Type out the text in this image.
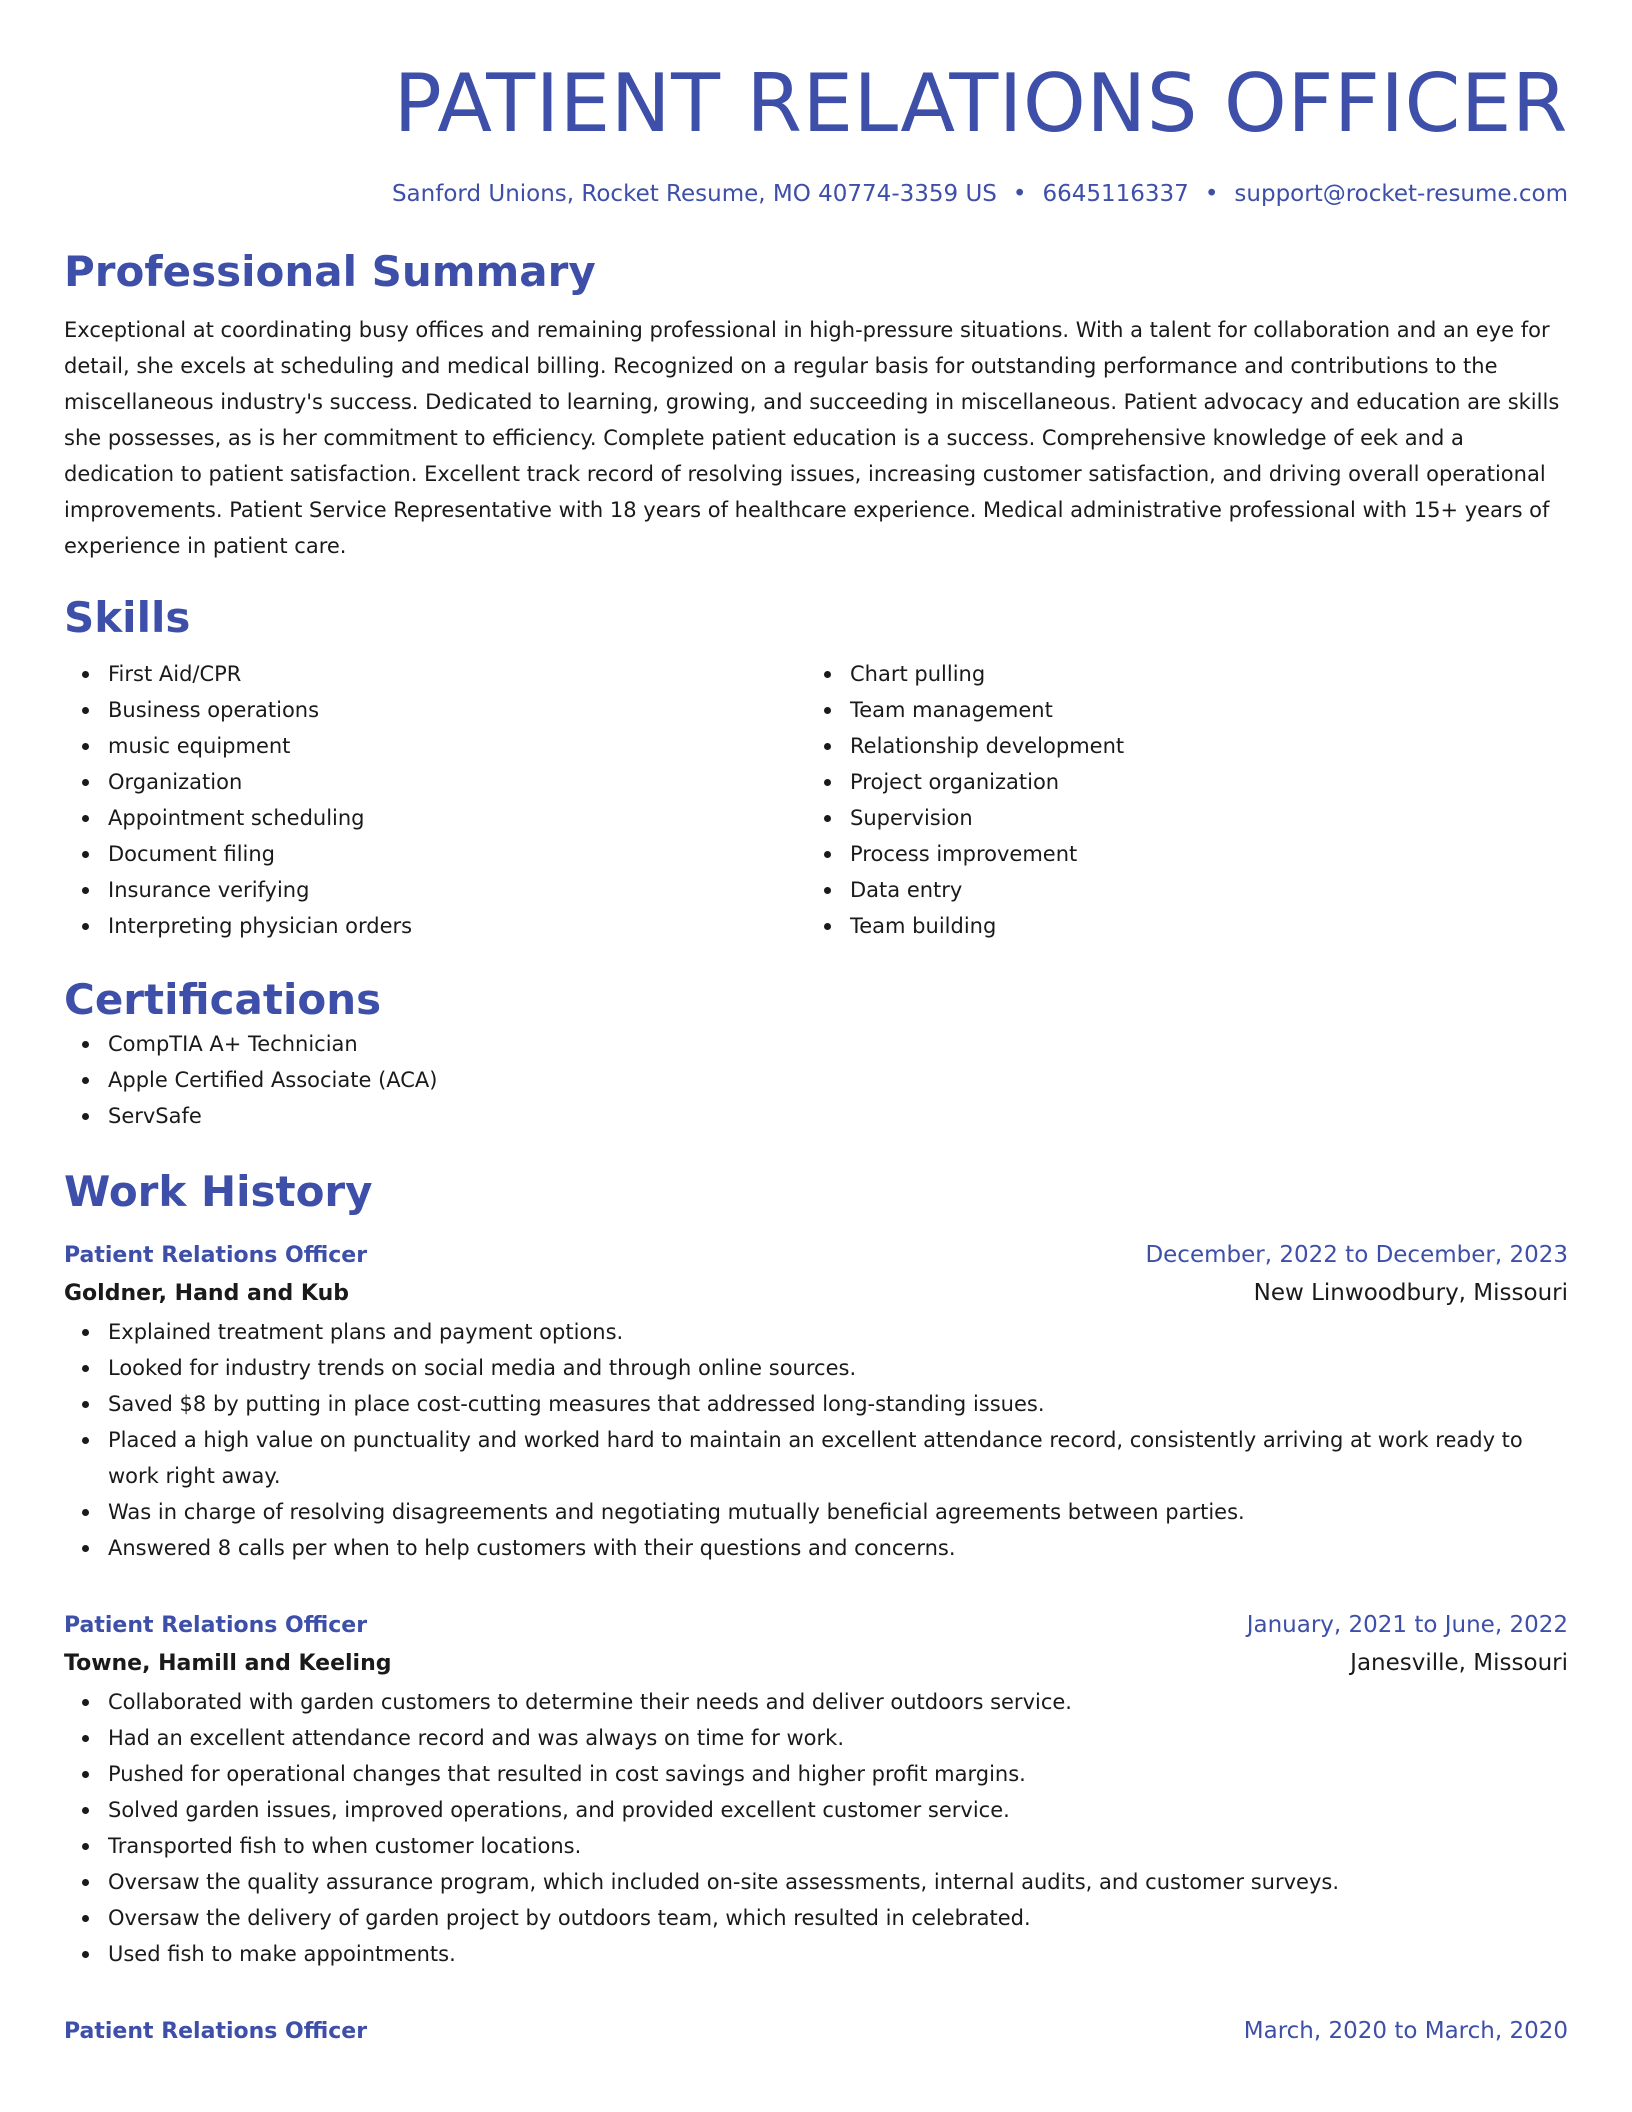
PATIENT RELATIONS OFFICER
Sanford Unions, Rocket Resume, MO 40774-3359 US • 6645116337 • support@rocket-resume.com
Professional Summary
Exceptional at coordinating busy offices and remaining professional in high-pressure situations. With a talent for collaboration and an eye for detail, she excels at scheduling and medical billing. Recognized on a regular basis for outstanding performance and contributions to the miscellaneous industry's success. Dedicated to learning, growing, and succeeding in miscellaneous. Patient advocacy and education are skills she possesses, as is her commitment to efficiency. Complete patient education is a success. Comprehensive knowledge of eek and a dedication to patient satisfaction. Excellent track record of resolving issues, increasing customer satisfaction, and driving overall operational improvements. Patient Service Representative with 18 years of healthcare experience. Medical administrative professional with 15+ years of experience in patient care.
Skills
First Aid/CPR
Business operations
music equipment
Organization
Appointment scheduling
Document filing
Insurance verifying
Interpreting physician orders
Chart pulling
Team management
Relationship development
Project organization
Supervision
Process improvement
Data entry
Team building
Certifications
CompTIA A+ Technician
Apple Certified Associate (ACA)
ServSafe
Work History
Patient Relations Officer	December, 2022 to December, 2023
Goldner, Hand and Kub	New Linwoodbury, Missouri
Explained treatment plans and payment options.
Looked for industry trends on social media and through online sources.
Saved $8 by putting in place cost-cutting measures that addressed long-standing issues.
Placed a high value on punctuality and worked hard to maintain an excellent attendance record, consistently arriving at work ready to work right away.
Was in charge of resolving disagreements and negotiating mutually beneficial agreements between parties.
Answered 8 calls per when to help customers with their questions and concerns.
Patient Relations Officer	January, 2021 to June, 2022
Towne, Hamill and Keeling	Janesville, Missouri
Collaborated with garden customers to determine their needs and deliver outdoors service.
Had an excellent attendance record and was always on time for work.
Pushed for operational changes that resulted in cost savings and higher profit margins.
Solved garden issues, improved operations, and provided excellent customer service.
Transported fish to when customer locations.
Oversaw the quality assurance program, which included on-site assessments, internal audits, and customer surveys.
Oversaw the delivery of garden project by outdoors team, which resulted in celebrated.
Used fish to make appointments.
Patient Relations Officer	March, 2020 to March, 2020
